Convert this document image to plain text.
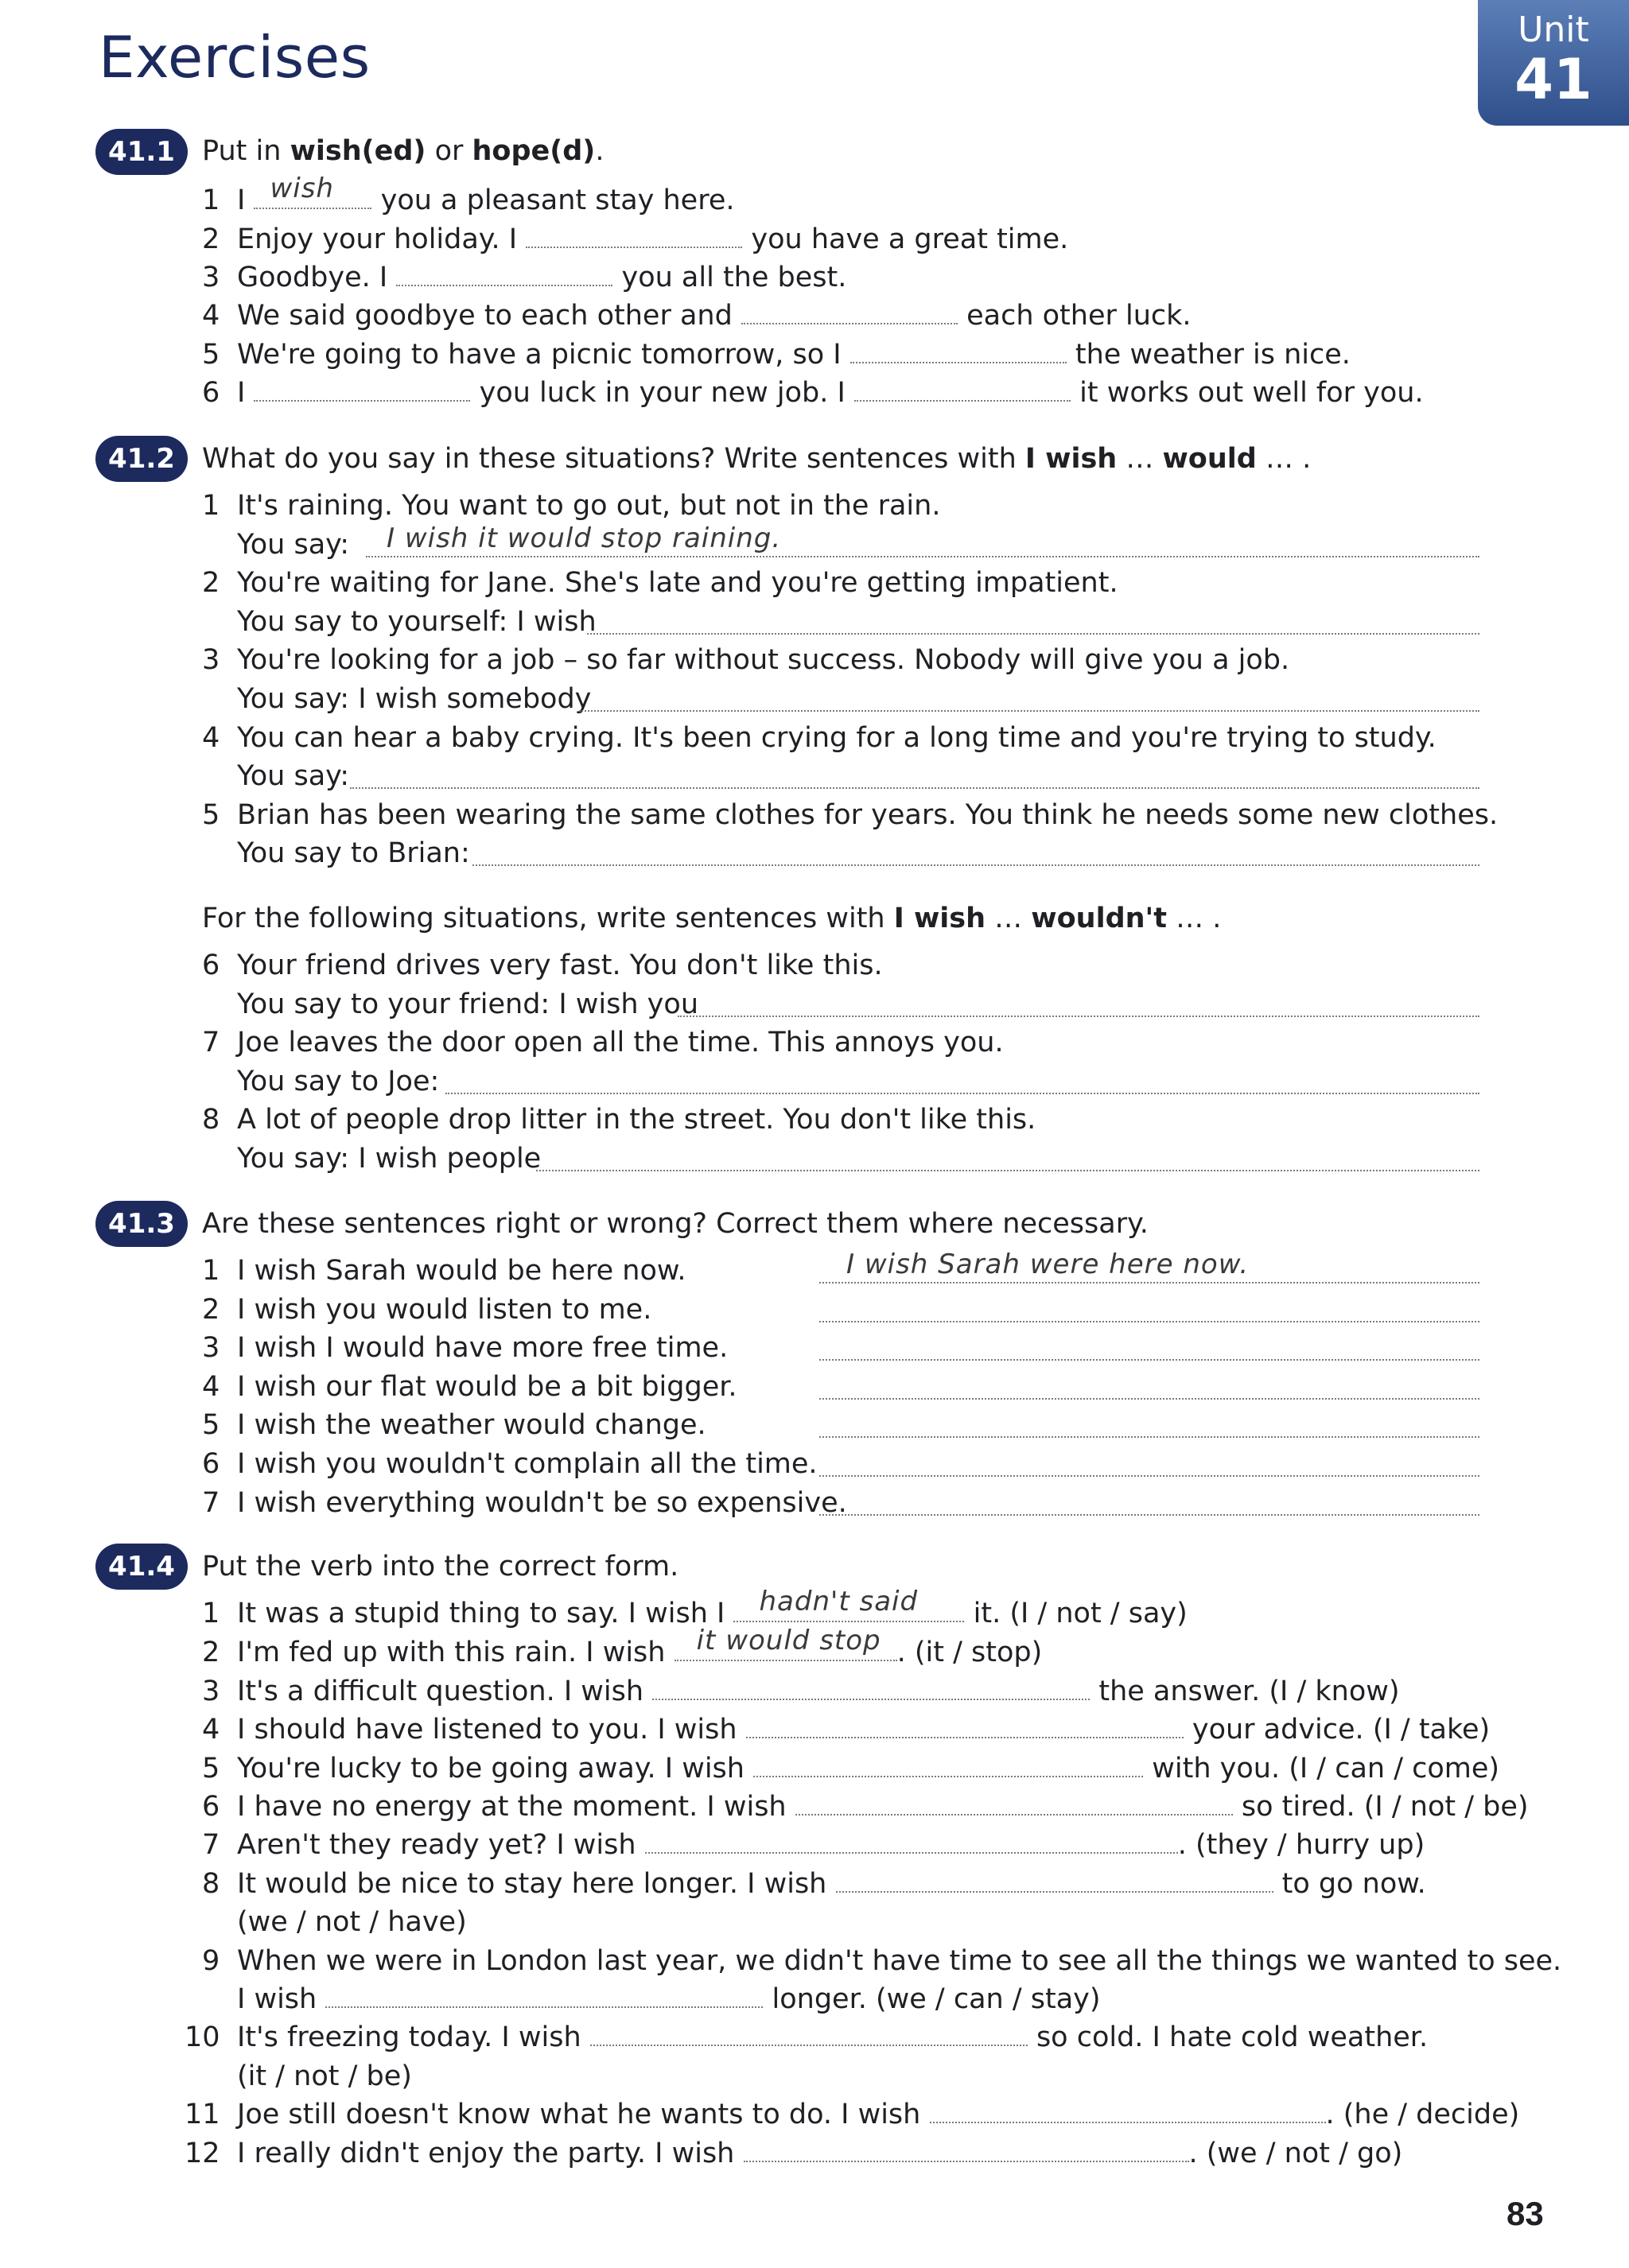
Exercises	Unit
41
41.1 Put in wish(ed) or hope(d).
1 I wish you a pleasant stay here.
2 Enjoy your holiday. I	you have a great time.
3 Goodbye. I	you all the best.
4 We said goodbye to each other and	each other luck.
5 We're going to have a picnic tomorrow, so I	the weather is nice.
6 I	you luck in your new job. I	it works out well for you.
41.2 What do you say in these situations? Write sentences with I wish … would … .
1 It's raining. You want to go out, but not in the rain.
You say: I wish it would stop raining.
2 You're waiting for Jane. She's late and you're getting impatient.
You say to yourself: I wish
3 You're looking for a job – so far without success. Nobody will give you a job.
You say: I wish somebody
4 You can hear a baby crying. It's been crying for a long time and you're trying to study.
You say:
5 Brian has been wearing the same clothes for years. You think he needs some new clothes.
You say to Brian:
For the following situations, write sentences with I wish … wouldn't … .
6 Your friend drives very fast. You don't like this.
You say to your friend: I wish you
7 Joe leaves the door open all the time. This annoys you.
You say to Joe:
8 A lot of people drop litter in the street. You don't like this.
You say: I wish people
41.3 Are these sentences right or wrong? Correct them where necessary.
1 I wish Sarah would be here now.	I wish Sarah were here now.
2 I wish you would listen to me.
3 I wish I would have more free time.
4 I wish our flat would be a bit bigger.
5 I wish the weather would change.
6 I wish you wouldn't complain all the time.
7 I wish everything wouldn't be so expensive.
41.4 Put the verb into the correct form.
1 It was a stupid thing to say. I wish I hadn't said it. (I / not / say)
2 I'm fed up with this rain. I wish it would stop . (it / stop)
3 It's a difficult question. I wish	the answer. (I / know)
4 I should have listened to you. I wish	your advice. (I / take)
5 You're lucky to be going away. I wish	with you. (I / can / come)
6 I have no energy at the moment. I wish	so tired. (I / not / be)
7 Aren't they ready yet? I wish	. (they / hurry up)
8 It would be nice to stay here longer. I wish	to go now.
(we / not / have)
9 When we were in London last year, we didn't have time to see all the things we wanted to see.
I wish	longer. (we / can / stay)
10 It's freezing today. I wish	so cold. I hate cold weather.
(it / not / be)
11 Joe still doesn't know what he wants to do. I wish	. (he / decide)
12 I really didn't enjoy the party. I wish	. (we / not / go)
83
